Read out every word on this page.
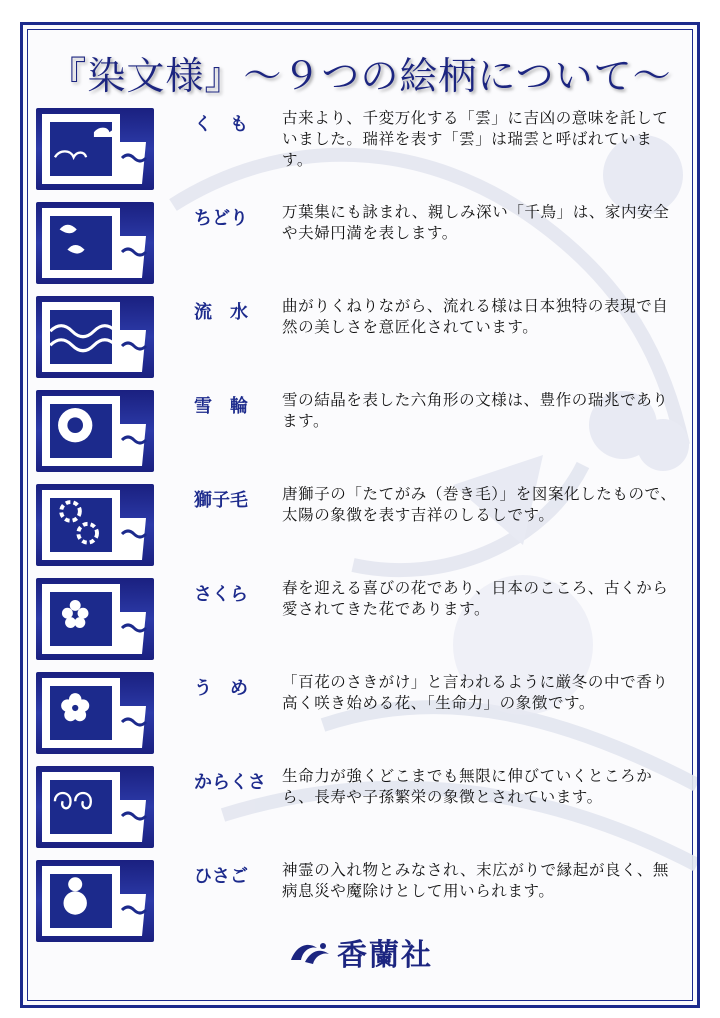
『染文様』～９つの絵柄について～
く　も	古来より、千変万化する「雲」に吉凶の意味を託していました。瑞祥を表す「雲」は瑞雲と呼ばれています。
ちどり	万葉集にも詠まれ、親しみ深い「千鳥」は、家内安全や夫婦円満を表します。
流　水	曲がりくねりながら、流れる様は日本独特の表現で自然の美しさを意匠化されています。
雪　輪	雪の結晶を表した六角形の文様は、豊作の瑞兆であります。
獅子毛	唐獅子の「たてがみ（巻き毛）」を図案化したもので、太陽の象徴を表す吉祥のしるしです。
さくら	春を迎える喜びの花であり、日本のこころ、古くから愛されてきた花であります。
う　め	「百花のさきがけ」と言われるように厳冬の中で香り高く咲き始める花、「生命力」の象徴です。
からくさ 生命力が強くどこまでも無限に伸びていくところから、長寿や子孫繁栄の象徴とされています。
ひさご	神霊の入れ物とみなされ、末広がりで縁起が良く、無病息災や魔除けとして用いられます。
香蘭社
